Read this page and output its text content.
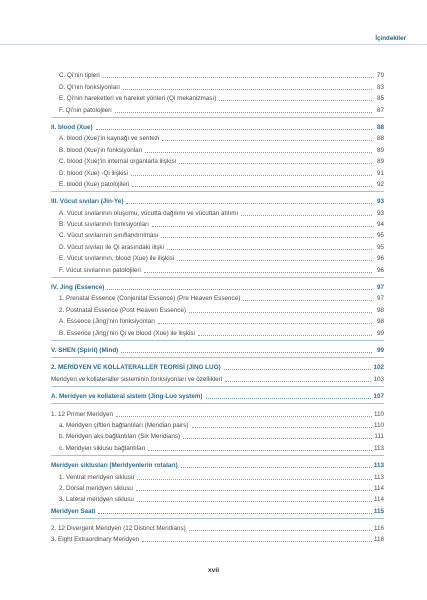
İçindekiler
C. Qi'nin tipleri	79
D. Qi'nin fonksiyonları	83
E. Qi'nin hareketleri ve hareket yönleri (Qi mekanizması)	85
F. Qi'nin patolojileri	87
II. blood (Xue)	88
A. blood (Xue)'in kaynağı ve sentezi	88
B. blood (Xue)'in fonksiyonları	89
C. blood (Xue)'in internal organlarla ilişkisi	89
D. blood (Xue) -Qi ilişkisi	91
E. blood (Xue) patolojileri	92
III. Vücut sıvıları (Jin-Ye)	93
A. Vücut sıvılarının oluşumu, vücutta dağılımı ve vücuttan atılımı	93
B. Vücut sıvılarının fonksiyonları	94
C. Vücut sıvılarının sınıflandırılması	95
D. Vücut sıvıları ile Qi arasındaki ilişki	95
E. Vücut sıvılarının, blood (Xue) ile ilişkisi	96
F. Vücut sıvılarının patolojileri	96
IV. Jing (Essence)	97
1. Prenatal Essence (Conjenital Essence) (Pre Heaven Essence)	97
2. Postnatal Essence (Post Heaven Essence)	98
A. Essence (Jing)'nin fonksiyonları	98
B. Essence (Jing)'nin Qi ve blood (Xue) ile ilişkisi	99
V. SHEN (Spirit) (Mind)	99
2. MERİDYEN VE KOLLATERALLER TEORİSİ (JİNG LUO)	102
Meridyen ve kollateraller sisteminin fonksiyonları ve özellikleri	103
A. Meridyen ve kollateral sistem (Jing-Luo system)	107
1. 12 Primer Meridyen	110
a. Meridyen çiftleri bağlantıları (Meridian pairs)	110
b. Meridyen aks bağlantıları (Six Meridians)	111
c. Meridyen siklusu bağlantıları	113
Meridyen siklusları (Meridyenlerin rotaları)	113
1. Ventral meridyen siklusu	113
2. Dorsal meridyen siklusu	114
3. Lateral meridyen siklusu	114
Meridyen Saati	115
2. 12 Divergent Meridyen (12 Distinct Meridians)	116
3. Eight Extraordinary Meridyen	118
xvii
